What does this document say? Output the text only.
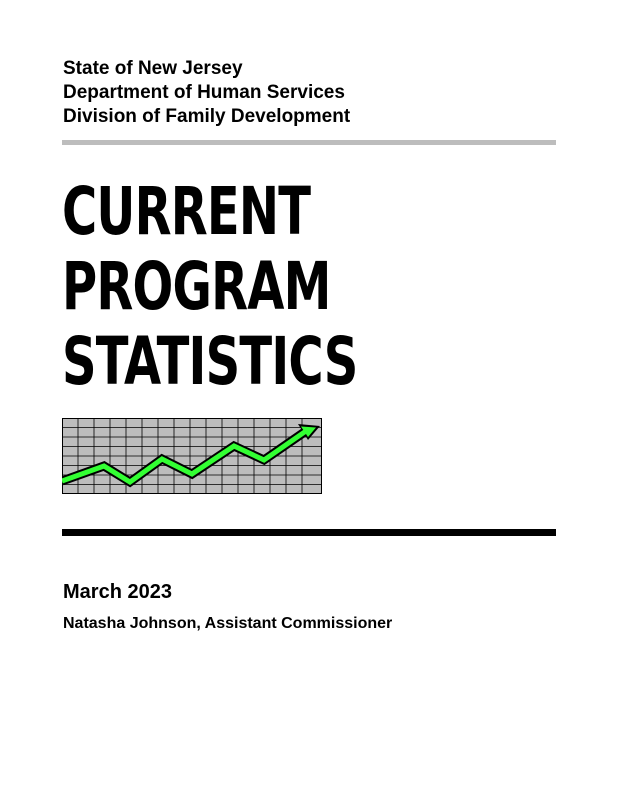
State of New Jersey
Department of Human Services
Division of Family Development
CURRENT
PROGRAM
STATISTICS
March 2023
Natasha Johnson, Assistant Commissioner
